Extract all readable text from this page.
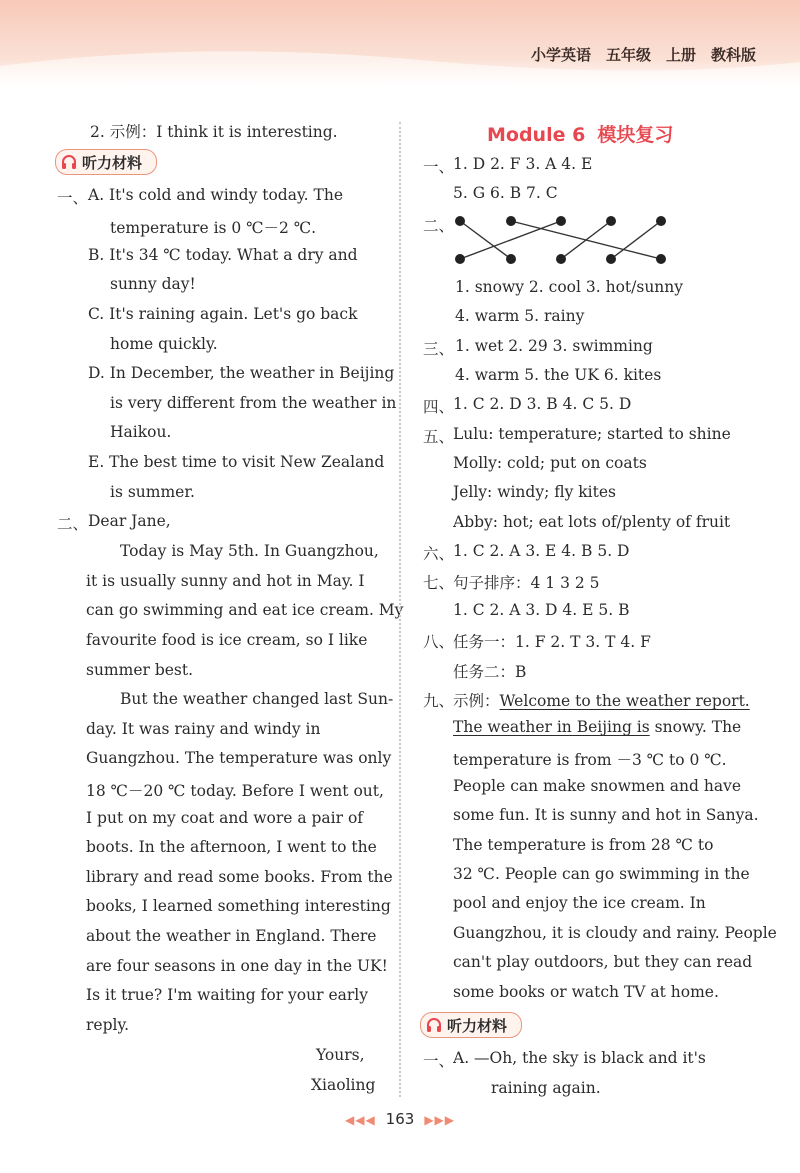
小学英语　五年级　上册　教科版
2. 示例：I think it is interesting.
听力材料
一、 A. It's cold and windy today. The
temperature is 0 ℃－2 ℃.
B. It's 34 ℃ today. What a dry and
sunny day!
C. It's raining again. Let's go back
home quickly.
D. In December, the weather in Beijing
is very different from the weather in
Haikou.
E. The best time to visit New Zealand
is summer.
二、 Dear Jane,
Today is May 5th. In Guangzhou,
it is usually sunny and hot in May. I
can go swimming and eat ice cream. My
favourite food is ice cream, so I like
summer best.
But the weather changed last Sun-
day. It was rainy and windy in
Guangzhou. The temperature was only
18 ℃－20 ℃ today. Before I went out,
I put on my coat and wore a pair of
boots. In the afternoon, I went to the
library and read some books. From the
books, I learned something interesting
about the weather in England. There
are four seasons in one day in the UK!
Is it true? I'm waiting for your early
reply.
Yours,
Xiaoling
Module 6 模块复习
一、
1. D 2. F 3. A 4. E
5. G 6. B 7. C
二、
1. snowy 2. cool 3. hot/sunny
4. warm 5. rainy
三、 1. wet 2. 29 3. swimming
4. warm 5. the UK 6. kites
四、
1. C 2. D 3. B 4. C 5. D
五、
Lulu: temperature; started to shine
Molly: cold; put on coats
Jelly: windy; fly kites
Abby: hot; eat lots of/plenty of fruit
六、
1. C 2. A 3. E 4. B 5. D
七、
句子排序：4 1 3 2 5
1. C 2. A 3. D 4. E 5. B
八、
任务一：1. F 2. T 3. T 4. F
任务二：B
九、
示例：Welcome to the weather report.
The weather in Beijing is snowy. The
temperature is from －3 ℃ to 0 ℃.
People can make snowmen and have
some fun. It is sunny and hot in Sanya.
The temperature is from 28 ℃ to
32 ℃. People can go swimming in the
pool and enjoy the ice cream. In
Guangzhou, it is cloudy and rainy. People
can't play outdoors, but they can read
some books or watch TV at home.
听力材料
一、
A. —Oh, the sky is black and it's
raining again.
◀◀◀ 163 ▶▶▶
